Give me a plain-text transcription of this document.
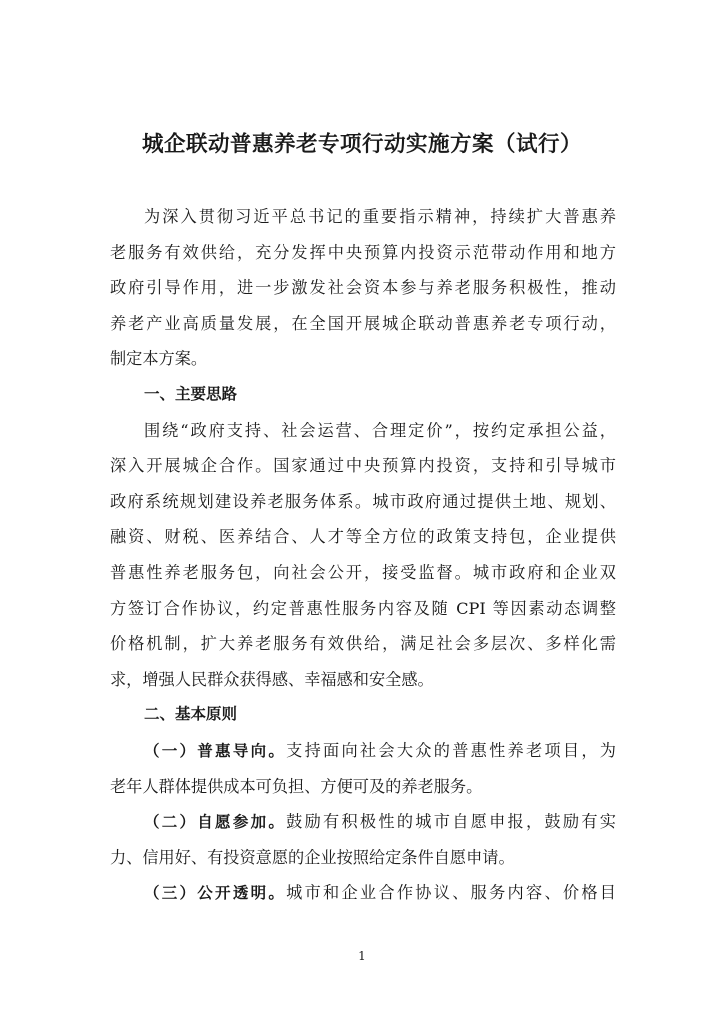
城企联动普惠养老专项行动实施方案（试行）
为深入贯彻习近平总书记的重要指示精神，持续扩大普惠养
老服务有效供给，充分发挥中央预算内投资示范带动作用和地方
政府引导作用，进一步激发社会资本参与养老服务积极性，推动
养老产业高质量发展，在全国开展城企联动普惠养老专项行动，
制定本方案。
一、主要思路
围绕“政府支持、社会运营、合理定价”，按约定承担公益，
深入开展城企合作。国家通过中央预算内投资，支持和引导城市
政府系统规划建设养老服务体系。城市政府通过提供土地、规划、
融资、财税、医养结合、人才等全方位的政策支持包，企业提供
普惠性养老服务包，向社会公开，接受监督。城市政府和企业双
方签订合作协议，约定普惠性服务内容及随 CPI 等因素动态调整
价格机制，扩大养老服务有效供给，满足社会多层次、多样化需
求，增强人民群众获得感、幸福感和安全感。
二、基本原则
（一）普惠导向。支持面向社会大众的普惠性养老项目，为
老年人群体提供成本可负担、方便可及的养老服务。
（二）自愿参加。鼓励有积极性的城市自愿申报，鼓励有实
力、信用好、有投资意愿的企业按照给定条件自愿申请。
（三）公开透明。城市和企业合作协议、服务内容、价格目
1
